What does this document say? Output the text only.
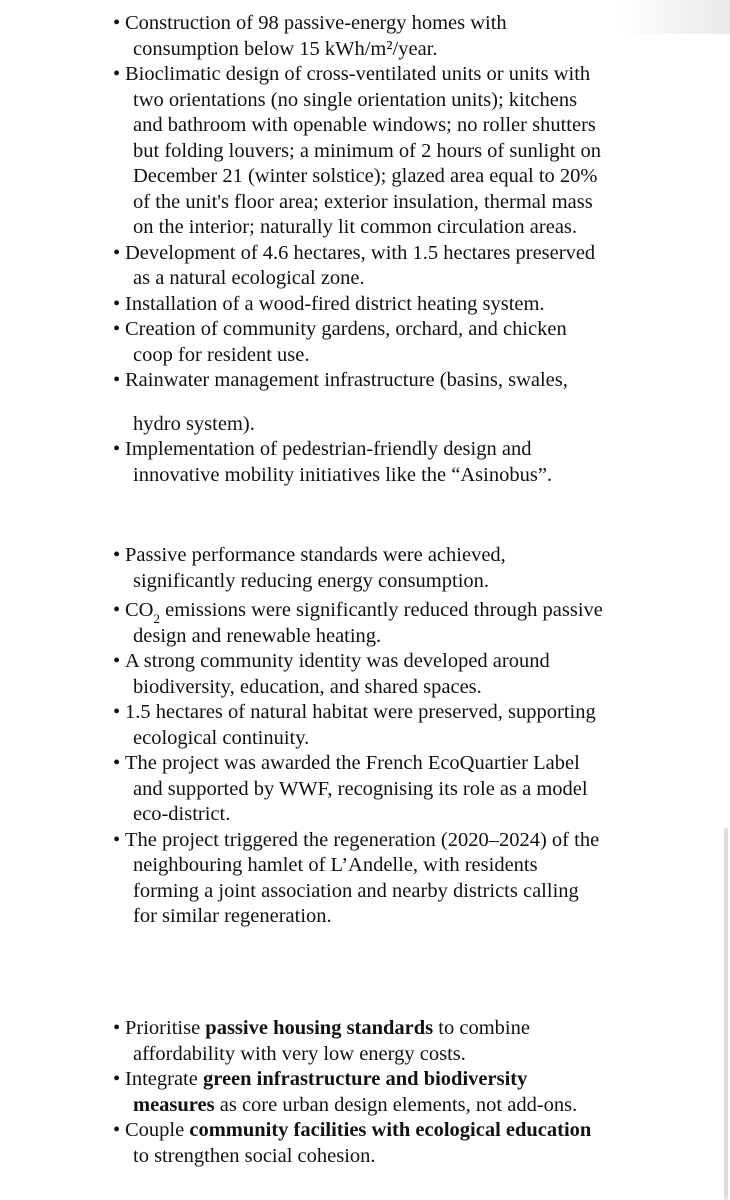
• Construction of 98 passive-energy homes with
consumption below 15 kWh/m²/year.
• Bioclimatic design of cross-ventilated units or units with
two orientations (no single orientation units); kitchens
and bathroom with openable windows; no roller shutters
but folding louvers; a minimum of 2 hours of sunlight on
December 21 (winter solstice); glazed area equal to 20%
of the unit's floor area; exterior insulation, thermal mass
on the interior; naturally lit common circulation areas.
• Development of 4.6 hectares, with 1.5 hectares preserved
as a natural ecological zone.
• Installation of a wood-fired district heating system.
• Creation of community gardens, orchard, and chicken
coop for resident use.
• Rainwater management infrastructure (basins, swales,
hydro system).
• Implementation of pedestrian-friendly design and
innovative mobility initiatives like the “Asinobus”.
• Passive performance standards were achieved,
significantly reducing energy consumption.
• $CO_2$ emissions were significantly reduced through passive
design and renewable heating.
• A strong community identity was developed around
biodiversity, education, and shared spaces.
• 1.5 hectares of natural habitat were preserved, supporting
ecological continuity.
• The project was awarded the French EcoQuartier Label
and supported by WWF, recognising its role as a model
eco-district.
• The project triggered the regeneration (2020–2024) of the
neighbouring hamlet of L’Andelle, with residents
forming a joint association and nearby districts calling
for similar regeneration.
• Prioritise passive housing standards to combine
affordability with very low energy costs.
• Integrate green infrastructure and biodiversity
measures as core urban design elements, not add-ons.
• Couple community facilities with ecological education
to strengthen social cohesion.
